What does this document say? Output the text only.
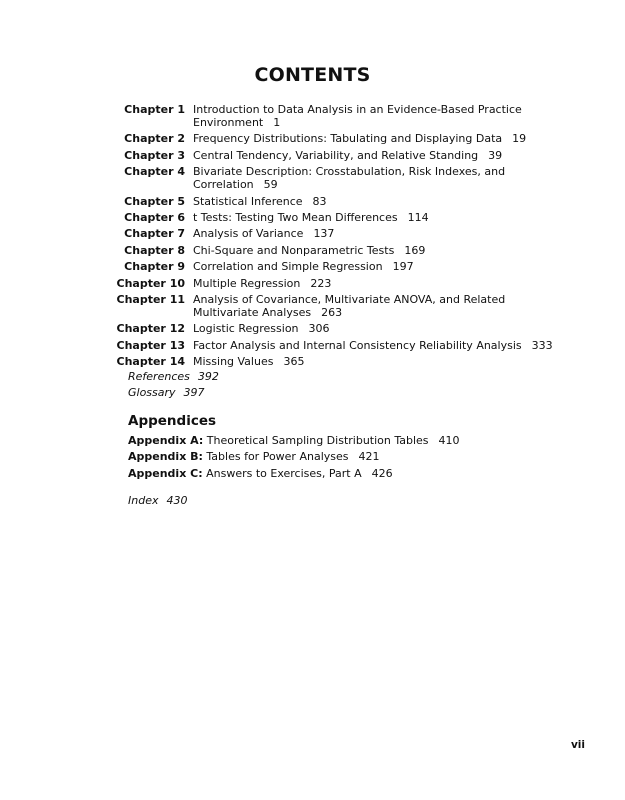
CONTENTS
Chapter 1 Introduction to Data Analysis in an Evidence-Based Practice Environment 1
Chapter 2 Frequency Distributions: Tabulating and Displaying Data 19
Chapter 3 Central Tendency, Variability, and Relative Standing 39
Chapter 4 Bivariate Description: Crosstabulation, Risk Indexes, and Correlation 59
Chapter 5 Statistical Inference 83
Chapter 6 t Tests: Testing Two Mean Differences 114
Chapter 7 Analysis of Variance 137
Chapter 8 Chi-Square and Nonparametric Tests 169
Chapter 9 Correlation and Simple Regression 197
Chapter 10 Multiple Regression 223
Chapter 11 Analysis of Covariance, Multivariate ANOVA, and Related Multivariate Analyses 263
Chapter 12 Logistic Regression 306
Chapter 13 Factor Analysis and Internal Consistency Reliability Analysis 333
Chapter 14 Missing Values 365
References 392
Glossary 397
Appendices
Appendix A: Theoretical Sampling Distribution Tables 410
Appendix B: Tables for Power Analyses 421
Appendix C: Answers to Exercises, Part A 426
Index 430
vii
